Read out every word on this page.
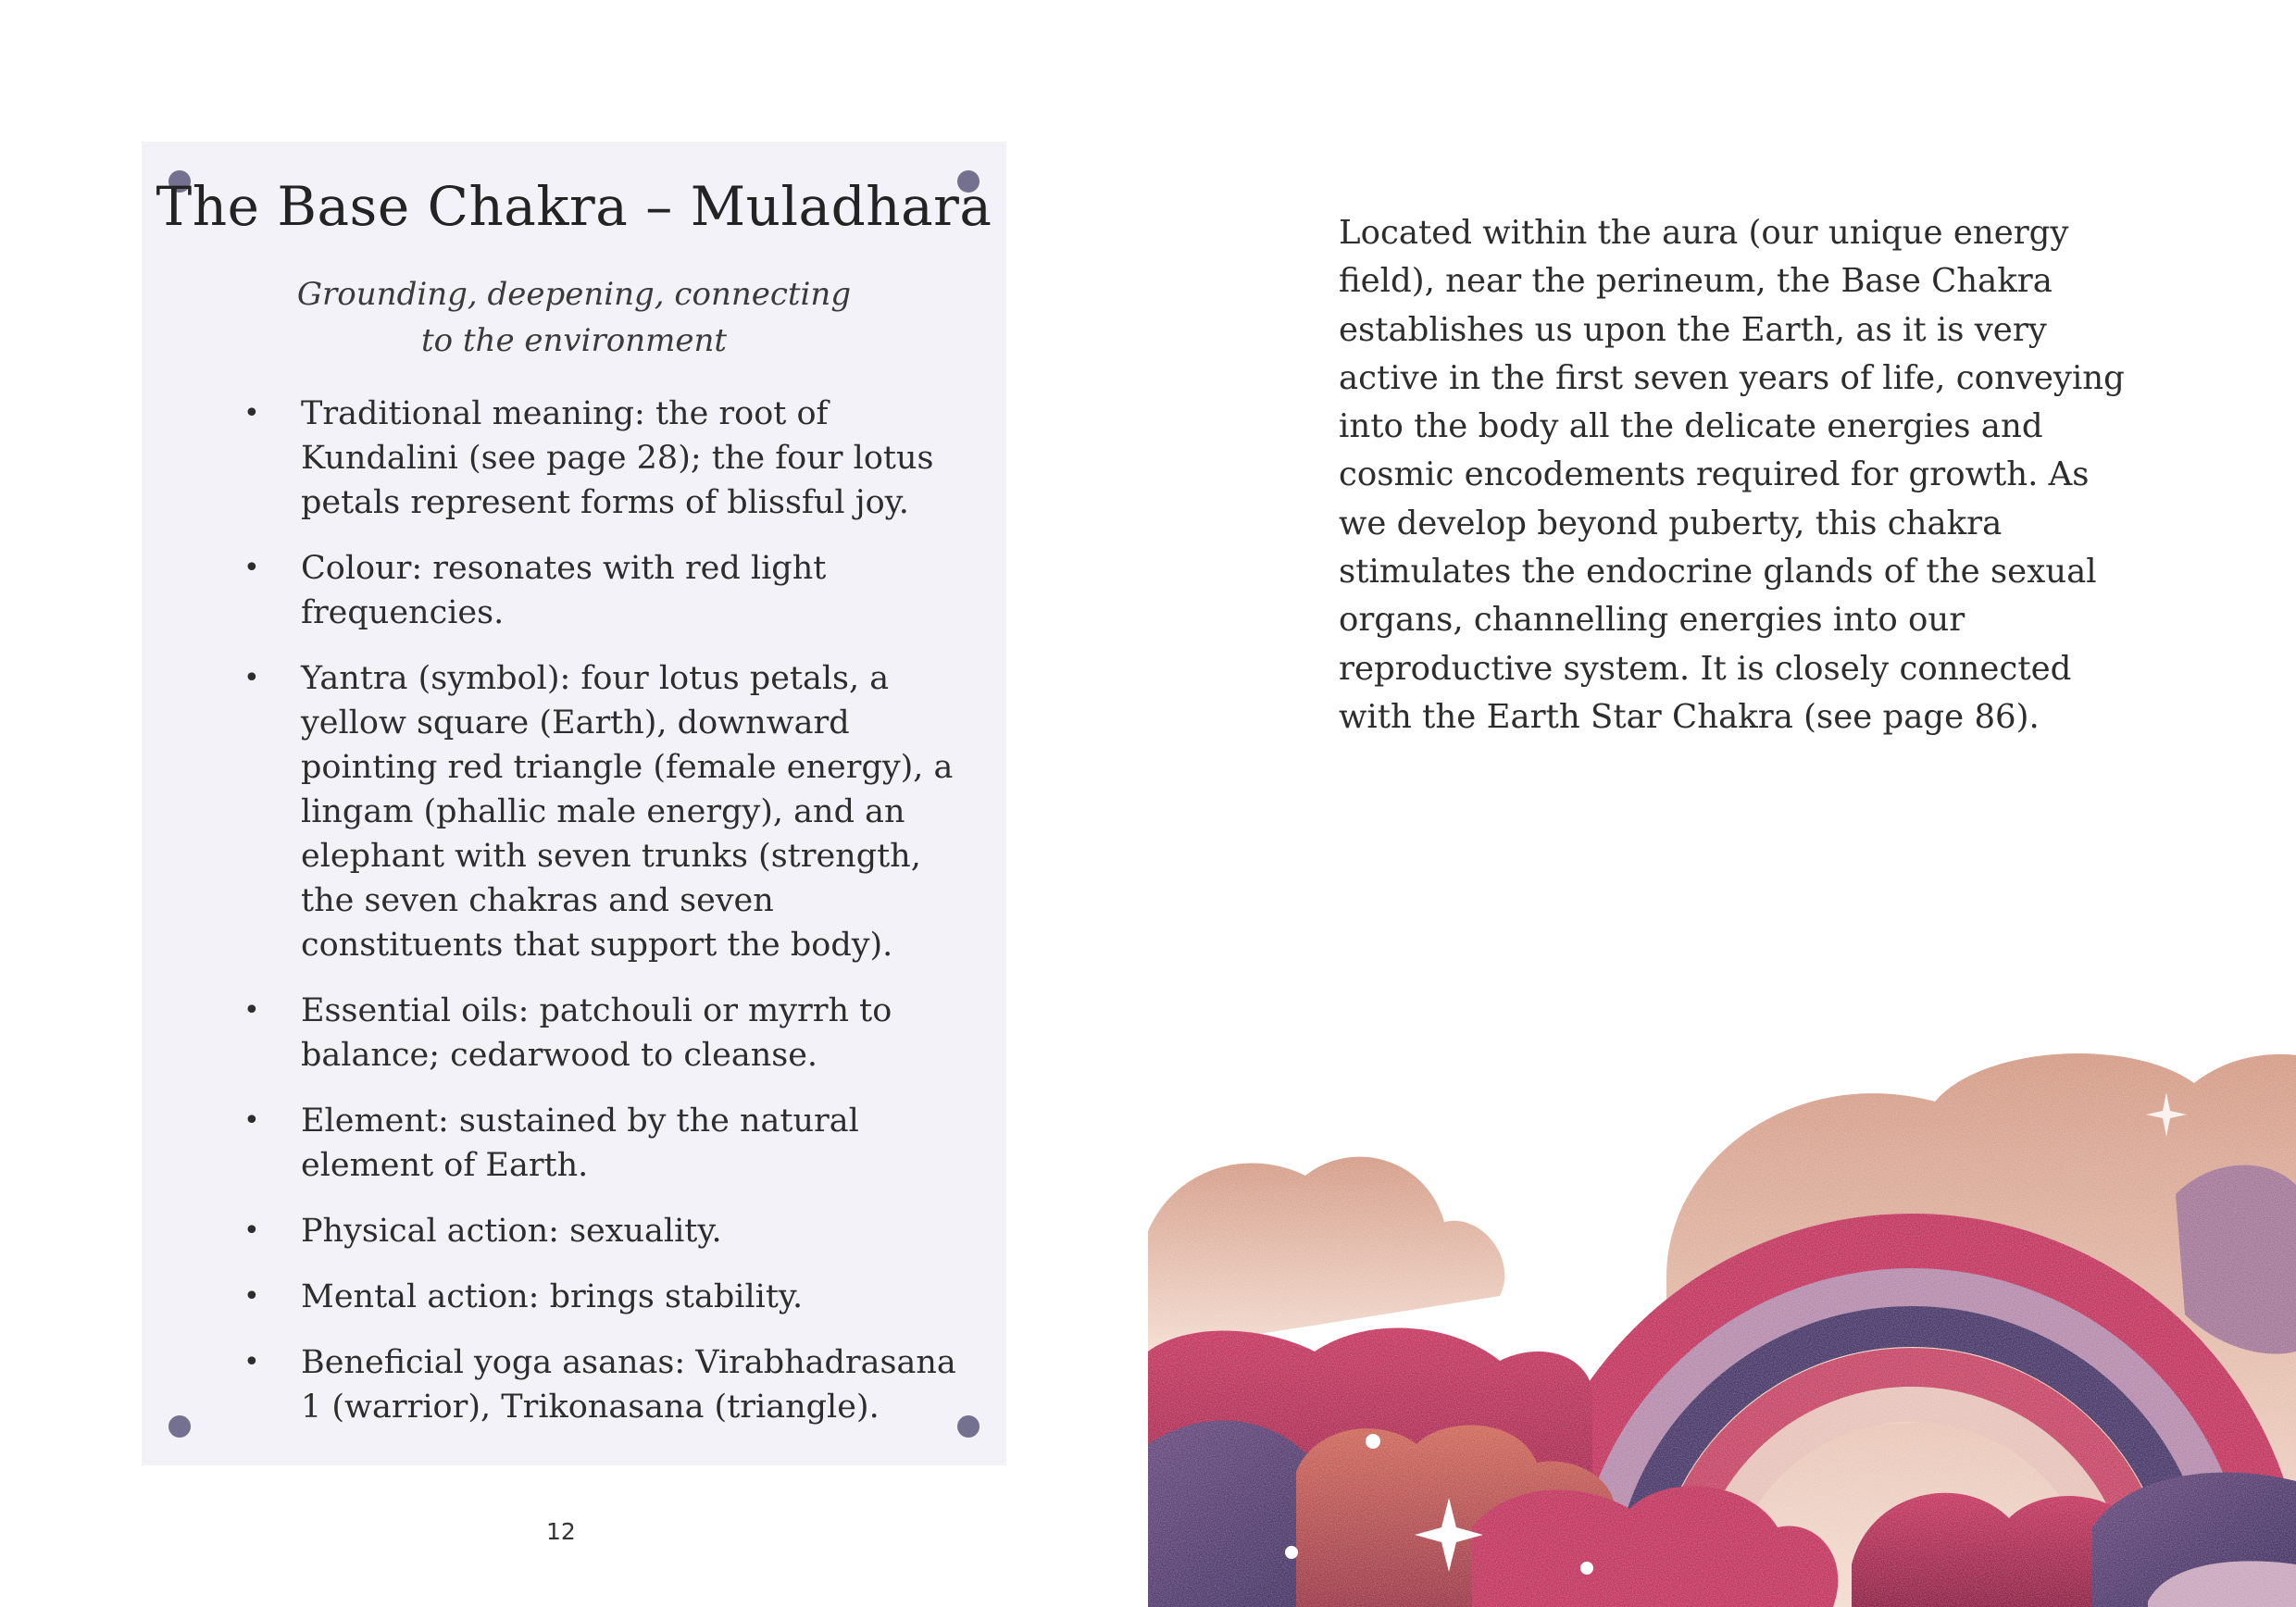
The Base Chakra – Muladhara
Grounding, deepening, connecting
to the environment
• Traditional meaning: the root of Kundalini (see page 28); the four lotus petals represent forms of blissful joy.
• Colour: resonates with red light frequencies.
• Yantra (symbol): four lotus petals, a yellow square (Earth), downward pointing red triangle (female energy), a lingam (phallic male energy), and an elephant with seven trunks (strength, the seven chakras and seven constituents that support the body).
• Essential oils: patchouli or myrrh to balance; cedarwood to cleanse.
• Element: sustained by the natural element of Earth.
• Physical action: sexuality.
• Mental action: brings stability.
• Beneficial yoga asanas: Virabhadrasana 1 (warrior), Trikonasana (triangle).
12

Located within the aura (our unique energy field), near the perineum, the Base Chakra establishes us upon the Earth, as it is very active in the first seven years of life, conveying into the body all the delicate energies and cosmic encodements required for growth. As we develop beyond puberty, this chakra stimulates the endocrine glands of the sexual organs, channelling energies into our reproductive system. It is closely connected with the Earth Star Chakra (see page 86).
